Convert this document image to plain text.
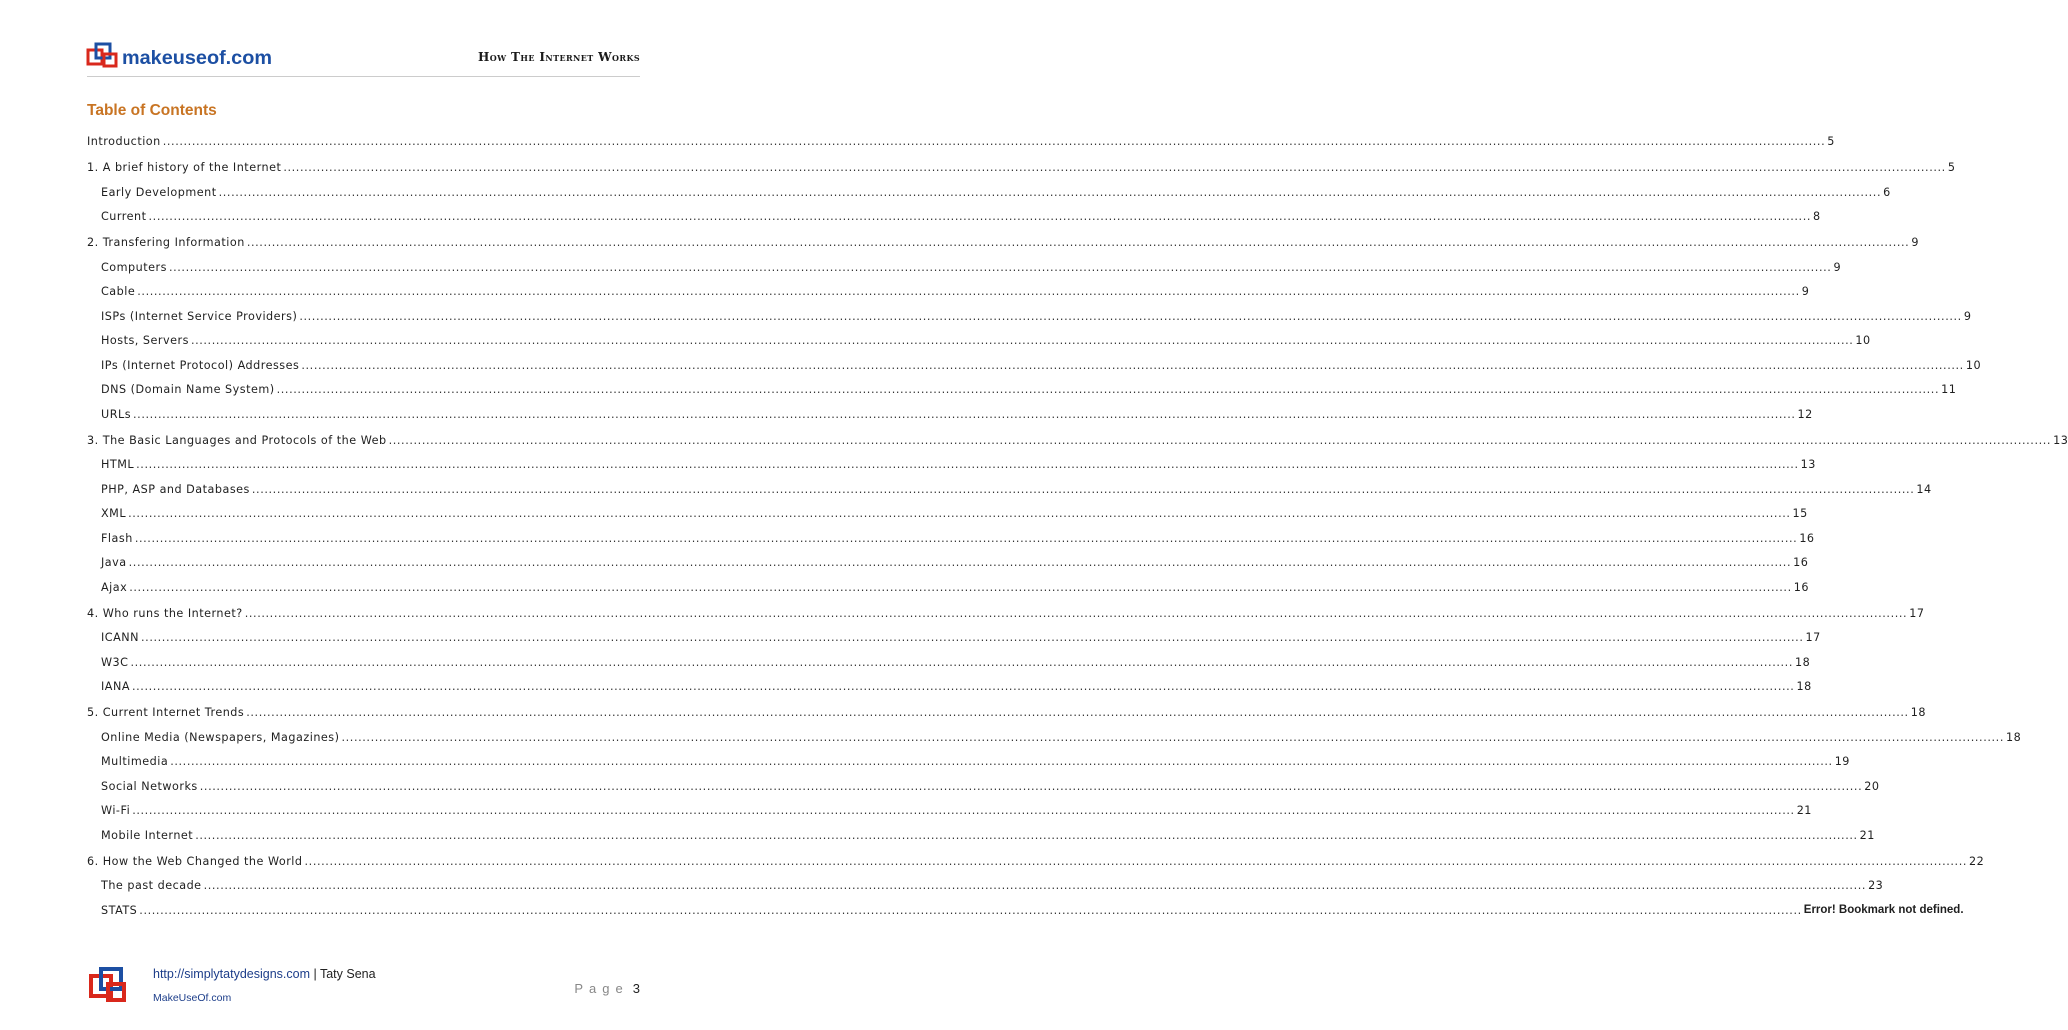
makeuseof.com	How The Internet Works
Table of Contents
Introduction ................................................................................................................................................................................................................................................................................................................................................................................................................ 5
1. A brief history of the Internet ................................................................................................................................................................................................................................................................................................................................................................................................................ 5
Early Development ................................................................................................................................................................................................................................................................................................................................................................................................................ 6
Current ................................................................................................................................................................................................................................................................................................................................................................................................................ 8
2. Transfering Information ................................................................................................................................................................................................................................................................................................................................................................................................................ 9
Computers ................................................................................................................................................................................................................................................................................................................................................................................................................ 9
Cable ................................................................................................................................................................................................................................................................................................................................................................................................................ 9
ISPs (Internet Service Providers) ................................................................................................................................................................................................................................................................................................................................................................................................................ 9
Hosts, Servers ................................................................................................................................................................................................................................................................................................................................................................................................................ 10
IPs (Internet Protocol) Addresses ................................................................................................................................................................................................................................................................................................................................................................................................................ 10
DNS (Domain Name System) ................................................................................................................................................................................................................................................................................................................................................................................................................ 11
URLs ................................................................................................................................................................................................................................................................................................................................................................................................................ 12
3. The Basic Languages and Protocols of the Web ................................................................................................................................................................................................................................................................................................................................................................................................................ 13
HTML ................................................................................................................................................................................................................................................................................................................................................................................................................ 13
PHP, ASP and Databases ................................................................................................................................................................................................................................................................................................................................................................................................................ 14
XML ................................................................................................................................................................................................................................................................................................................................................................................................................ 15
Flash ................................................................................................................................................................................................................................................................................................................................................................................................................ 16
Java ................................................................................................................................................................................................................................................................................................................................................................................................................ 16
Ajax ................................................................................................................................................................................................................................................................................................................................................................................................................ 16
4. Who runs the Internet? ................................................................................................................................................................................................................................................................................................................................................................................................................ 17
ICANN ................................................................................................................................................................................................................................................................................................................................................................................................................ 17
W3C ................................................................................................................................................................................................................................................................................................................................................................................................................ 18
IANA ................................................................................................................................................................................................................................................................................................................................................................................................................ 18
5. Current Internet Trends ................................................................................................................................................................................................................................................................................................................................................................................................................ 18
Online Media (Newspapers, Magazines) ................................................................................................................................................................................................................................................................................................................................................................................................................ 18
Multimedia ................................................................................................................................................................................................................................................................................................................................................................................................................ 19
Social Networks ................................................................................................................................................................................................................................................................................................................................................................................................................ 20
Wi-Fi ................................................................................................................................................................................................................................................................................................................................................................................................................ 21
Mobile Internet ................................................................................................................................................................................................................................................................................................................................................................................................................ 21
6. How the Web Changed the World ................................................................................................................................................................................................................................................................................................................................................................................................................ 22
The past decade ................................................................................................................................................................................................................................................................................................................................................................................................................ 23
STATS ................................................................................................................................................................................................................................................................................................................................................................................................................ Error! Bookmark not defined.
http://simplytatydesigns.com | Taty Sena
MakeUseOf.com
Page 3
